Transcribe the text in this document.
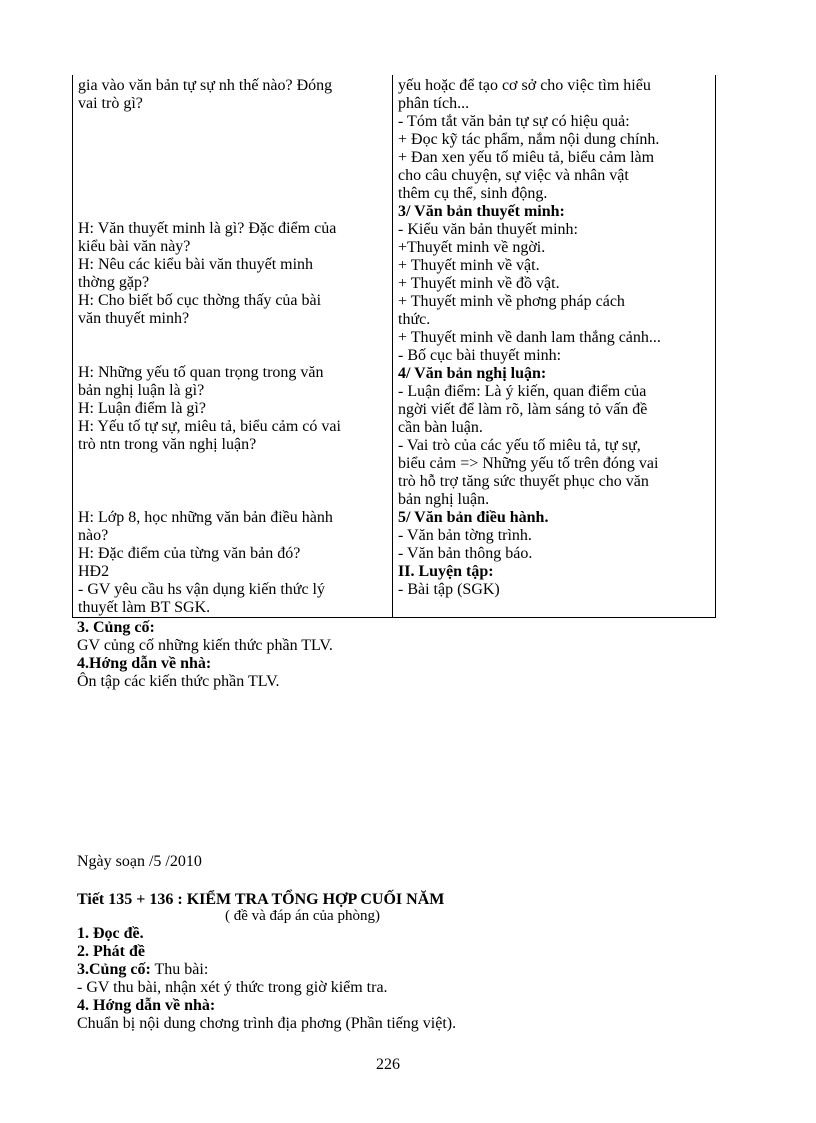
gia vào văn bản tự sự nh thế nào? Đóng
vai trò gì?
H: Văn thuyết minh là gì? Đặc điểm của
kiểu bài văn này?
H: Nêu các kiểu bài văn thuyết minh
thờng gặp?
H: Cho biết bố cục thờng thấy của bài
văn thuyết minh?
H: Những yếu tố quan trọng trong văn
bản nghị luận là gì?
H: Luận điểm là gì?
H: Yếu tố tự sự, miêu tả, biểu cảm có vai
trò ntn trong văn nghị luận?
H: Lớp 8, học những văn bản điều hành
nào?
H: Đặc điểm của từng văn bản đó?
HĐ2
- GV yêu cầu hs vận dụng kiến thức lý
thuyết làm BT SGK.
yếu hoặc để tạo cơ sở cho việc tìm hiểu
phân tích...
- Tóm tắt văn bản tự sự có hiệu quả:
+ Đọc kỹ tác phẩm, nắm nội dung chính.
+ Đan xen yếu tố miêu tả, biểu cảm làm
cho câu chuyện, sự việc và nhân vật
thêm cụ thể, sinh động.
3/ Văn bản thuyết minh:
- Kiểu văn bản thuyết minh:
+Thuyết minh về ngời.
+ Thuyết minh về vật.
+ Thuyết minh về đồ vật.
+ Thuyết minh về phơng pháp cách
thức.
+ Thuyết minh về danh lam thắng cảnh...
- Bố cục bài thuyết minh:
4/ Văn bản nghị luận:
- Luận điểm: Là ý kiến, quan điểm của
ngời viết để làm rõ, làm sáng tỏ vấn đề
cần bàn luận.
- Vai trò của các yếu tố miêu tả, tự sự,
biểu cảm => Những yếu tố trên đóng vai
trò hỗ trợ tăng sức thuyết phục cho văn
bản nghị luận.
5/ Văn bản điều hành.
- Văn bản tờng trình.
- Văn bản thông báo.
II. Luyện tập:
- Bài tập (SGK)
3. Củng cố:
GV củng cố những kiến thức phần TLV.
4.Hớng dẫn về nhà:
Ôn tập các kiến thức phần TLV.
Ngày soạn /5 /2010
Tiết 135 + 136 : KIỂM TRA TỔNG HỢP CUỐI NĂM
( đề và đáp án của phòng)
1. Đọc đề.
2. Phát đề
3.Củng cố: Thu bài:
- GV thu bài, nhận xét ý thức trong giờ kiểm tra.
4. Hớng dẫn về nhà:
Chuẩn bị nội dung chơng trình địa phơng (Phần tiếng việt).
226
